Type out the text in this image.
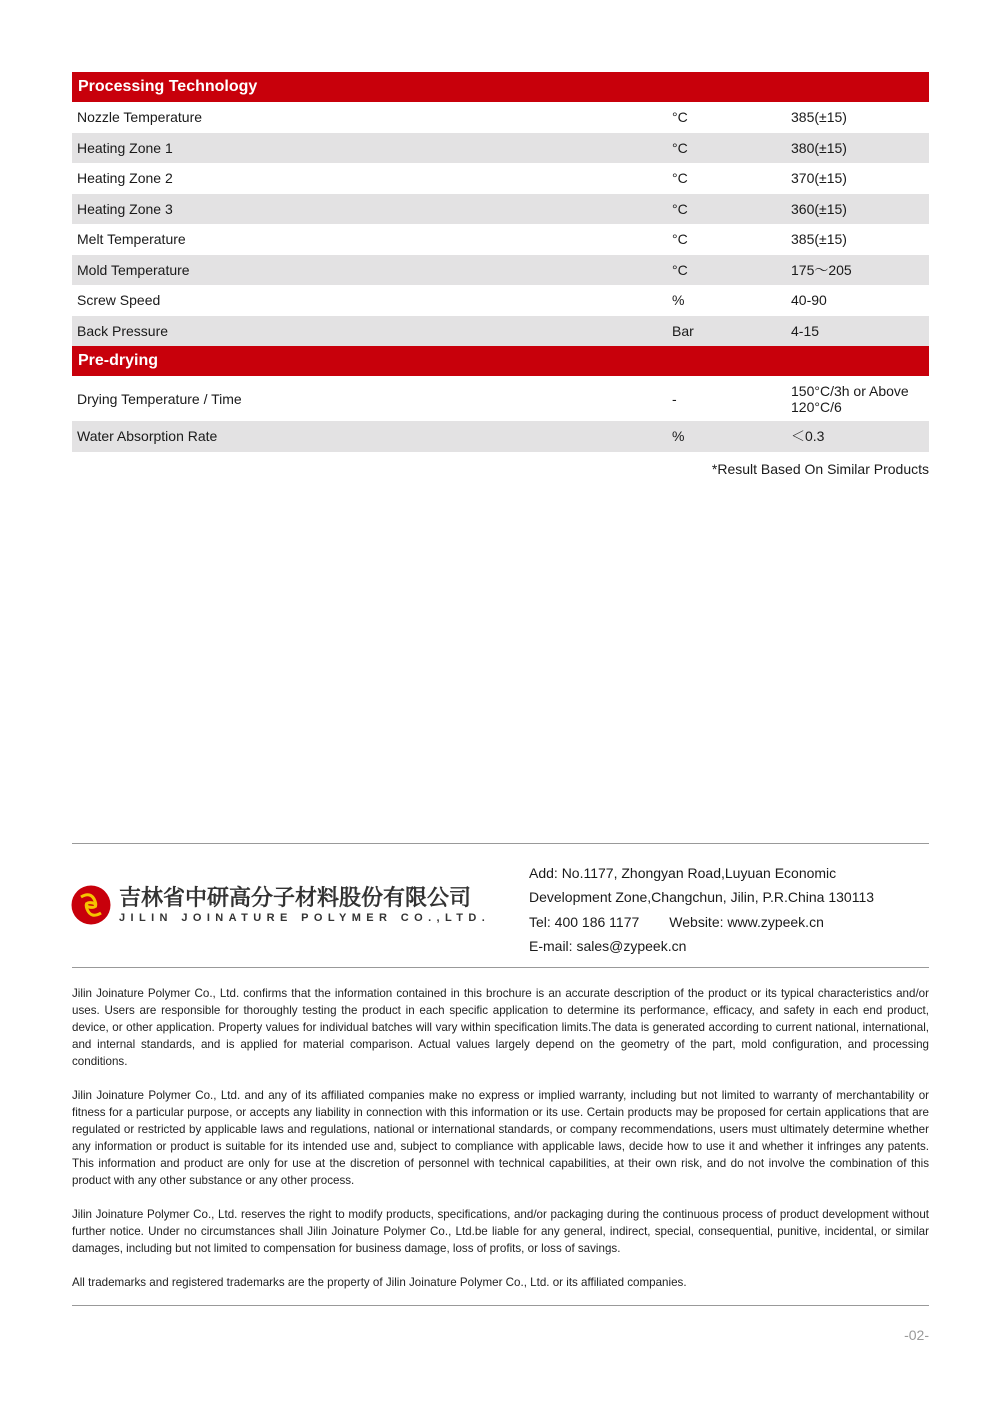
Processing Technology
Nozzle Temperature	°C	385(±15)
Heating Zone 1	°C	380(±15)
Heating Zone 2	°C	370(±15)
Heating Zone 3	°C	360(±15)
Melt Temperature	°C	385(±15)
Mold Temperature	°C	175～205
Screw Speed	%	40-90
Back Pressure	Bar	4-15
Pre-drying
Drying Temperature / Time	-	150°C/3h or Above 120°C/6
Water Absorption Rate	%	＜0.3
*Result Based On Similar Products
吉林省中研高分子材料股份有限公司
JILIN JOINATURE POLYMER CO.,LTD.
Add: No.1177, Zhongyan Road,Luyuan Economic
Development Zone,Changchun, Jilin, P.R.China 130113
Tel: 400 186 1177 Website: www.zypeek.cn
E-mail: sales@zypeek.cn

Jilin Joinature Polymer Co., Ltd. confirms that the information contained in this brochure is an accurate description of the product or its typical characteristics and/or uses. Users are responsible for thoroughly testing the product in each specific application to determine its performance, efficacy, and safety in each end product, device, or other application. Property values for individual batches will vary within specification limits.The data is generated according to current national, international, and internal standards, and is applied for material comparison. Actual values largely depend on the geometry of the part, mold configuration, and processing conditions.

Jilin Joinature Polymer Co., Ltd. and any of its affiliated companies make no express or implied warranty, including but not limited to warranty of merchantability or fitness for a particular purpose, or accepts any liability in connection with this information or its use. Certain products may be proposed for certain applications that are regulated or restricted by applicable laws and regulations, national or international standards, or company recommendations, users must ultimately determine whether any information or product is suitable for its intended use and, subject to compliance with applicable laws, decide how to use it and whether it infringes any patents. This information and product are only for use at the discretion of personnel with technical capabilities, at their own risk, and do not involve the combination of this product with any other substance or any other process.

Jilin Joinature Polymer Co., Ltd. reserves the right to modify products, specifications, and/or packaging during the continuous process of product development without further notice. Under no circumstances shall Jilin Joinature Polymer Co., Ltd.be liable for any general, indirect, special, consequential, punitive, incidental, or similar damages, including but not limited to compensation for business damage, loss of profits, or loss of savings.

All trademarks and registered trademarks are the property of Jilin Joinature Polymer Co., Ltd. or its affiliated companies.

-02-
